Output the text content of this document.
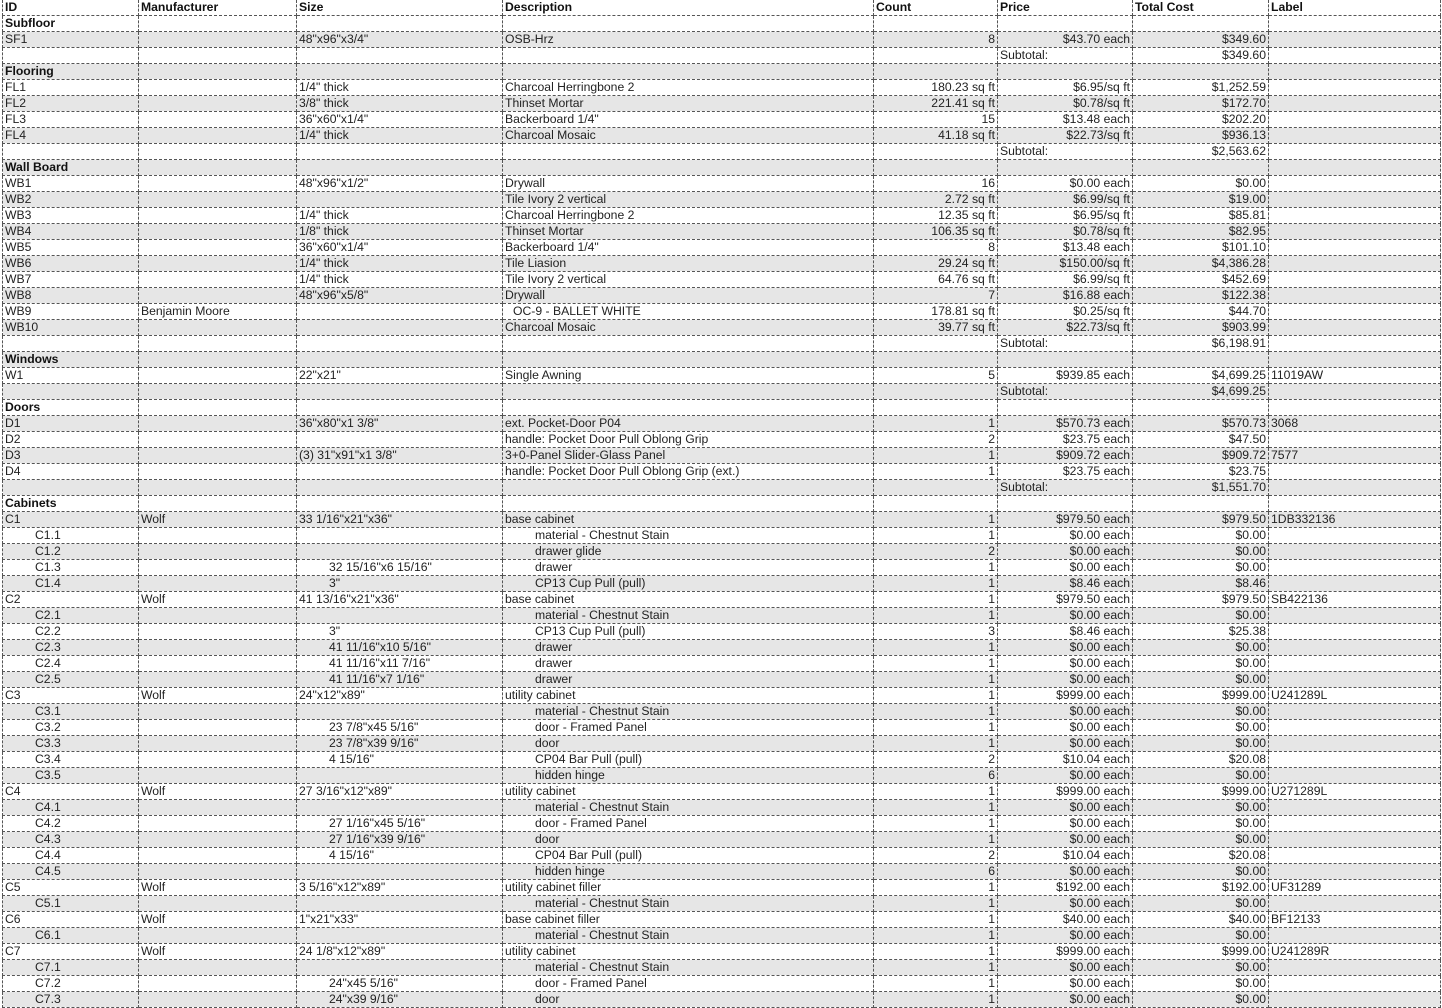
ID	Manufacturer	Size	Description	Count	Price	Total Cost	Label
Subfloor							
SF1		48"x96"x3/4"	OSB-Hrz	8	$43.70 each	$349.60	
					Subtotal:	$349.60	
Flooring							
FL1		1/4" thick	Charcoal Herringbone 2	180.23 sq ft	$6.95/sq ft	$1,252.59	
FL2		3/8" thick	Thinset Mortar	221.41 sq ft	$0.78/sq ft	$172.70	
FL3		36"x60"x1/4"	Backerboard 1/4"	15	$13.48 each	$202.20	
FL4		1/4" thick	Charcoal Mosaic	41.18 sq ft	$22.73/sq ft	$936.13	
					Subtotal:	$2,563.62	
Wall Board							
WB1		48"x96"x1/2"	Drywall	16	$0.00 each	$0.00	
WB2			Tile Ivory 2 vertical	2.72 sq ft	$6.99/sq ft	$19.00	
WB3		1/4" thick	Charcoal Herringbone 2	12.35 sq ft	$6.95/sq ft	$85.81	
WB4		1/8" thick	Thinset Mortar	106.35 sq ft	$0.78/sq ft	$82.95	
WB5		36"x60"x1/4"	Backerboard 1/4"	8	$13.48 each	$101.10	
WB6		1/4" thick	Tile Liasion	29.24 sq ft	$150.00/sq ft	$4,386.28	
WB7		1/4" thick	Tile Ivory 2 vertical	64.76 sq ft	$6.99/sq ft	$452.69	
WB8		48"x96"x5/8"	Drywall	7	$16.88 each	$122.38	
WB9	Benjamin Moore		OC-9 - BALLET WHITE	178.81 sq ft	$0.25/sq ft	$44.70	
WB10			Charcoal Mosaic	39.77 sq ft	$22.73/sq ft	$903.99	
					Subtotal:	$6,198.91	
Windows							
W1		22"x21"	Single Awning	5	$939.85 each	$4,699.25	11019AW
					Subtotal:	$4,699.25	
Doors							
D1		36"x80"x1 3/8"	ext. Pocket-Door P04	1	$570.73 each	$570.73	3068
D2			handle: Pocket Door Pull Oblong Grip	2	$23.75 each	$47.50	
D3		(3) 31"x91"x1 3/8"	3+0-Panel Slider-Glass Panel	1	$909.72 each	$909.72	7577
D4			handle: Pocket Door Pull Oblong Grip (ext.)	1	$23.75 each	$23.75	
					Subtotal:	$1,551.70	
Cabinets							
C1	Wolf	33 1/16"x21"x36"	base cabinet	1	$979.50 each	$979.50	1DB332136
C1.1			material - Chestnut Stain	1	$0.00 each	$0.00	
C1.2			drawer glide	2	$0.00 each	$0.00	
C1.3		32 15/16"x6 15/16"	drawer	1	$0.00 each	$0.00	
C1.4		3"	CP13 Cup Pull (pull)	1	$8.46 each	$8.46	
C2	Wolf	41 13/16"x21"x36"	base cabinet	1	$979.50 each	$979.50	SB422136
C2.1			material - Chestnut Stain	1	$0.00 each	$0.00	
C2.2		3"	CP13 Cup Pull (pull)	3	$8.46 each	$25.38	
C2.3		41 11/16"x10 5/16"	drawer	1	$0.00 each	$0.00	
C2.4		41 11/16"x11 7/16"	drawer	1	$0.00 each	$0.00	
C2.5		41 11/16"x7 1/16"	drawer	1	$0.00 each	$0.00	
C3	Wolf	24"x12"x89"	utility cabinet	1	$999.00 each	$999.00	U241289L
C3.1			material - Chestnut Stain	1	$0.00 each	$0.00	
C3.2		23 7/8"x45 5/16"	door - Framed Panel	1	$0.00 each	$0.00	
C3.3		23 7/8"x39 9/16"	door	1	$0.00 each	$0.00	
C3.4		4 15/16"	CP04 Bar Pull (pull)	2	$10.04 each	$20.08	
C3.5			hidden hinge	6	$0.00 each	$0.00	
C4	Wolf	27 3/16"x12"x89"	utility cabinet	1	$999.00 each	$999.00	U271289L
C4.1			material - Chestnut Stain	1	$0.00 each	$0.00	
C4.2		27 1/16"x45 5/16"	door - Framed Panel	1	$0.00 each	$0.00	
C4.3		27 1/16"x39 9/16"	door	1	$0.00 each	$0.00	
C4.4		4 15/16"	CP04 Bar Pull (pull)	2	$10.04 each	$20.08	
C4.5			hidden hinge	6	$0.00 each	$0.00	
C5	Wolf	3 5/16"x12"x89"	utility cabinet filler	1	$192.00 each	$192.00	UF31289
C5.1			material - Chestnut Stain	1	$0.00 each	$0.00	
C6	Wolf	1"x21"x33"	base cabinet filler	1	$40.00 each	$40.00	BF12133
C6.1			material - Chestnut Stain	1	$0.00 each	$0.00	
C7	Wolf	24 1/8"x12"x89"	utility cabinet	1	$999.00 each	$999.00	U241289R
C7.1			material - Chestnut Stain	1	$0.00 each	$0.00	
C7.2		24"x45 5/16"	door - Framed Panel	1	$0.00 each	$0.00	
C7.3		24"x39 9/16"	door	1	$0.00 each	$0.00	
